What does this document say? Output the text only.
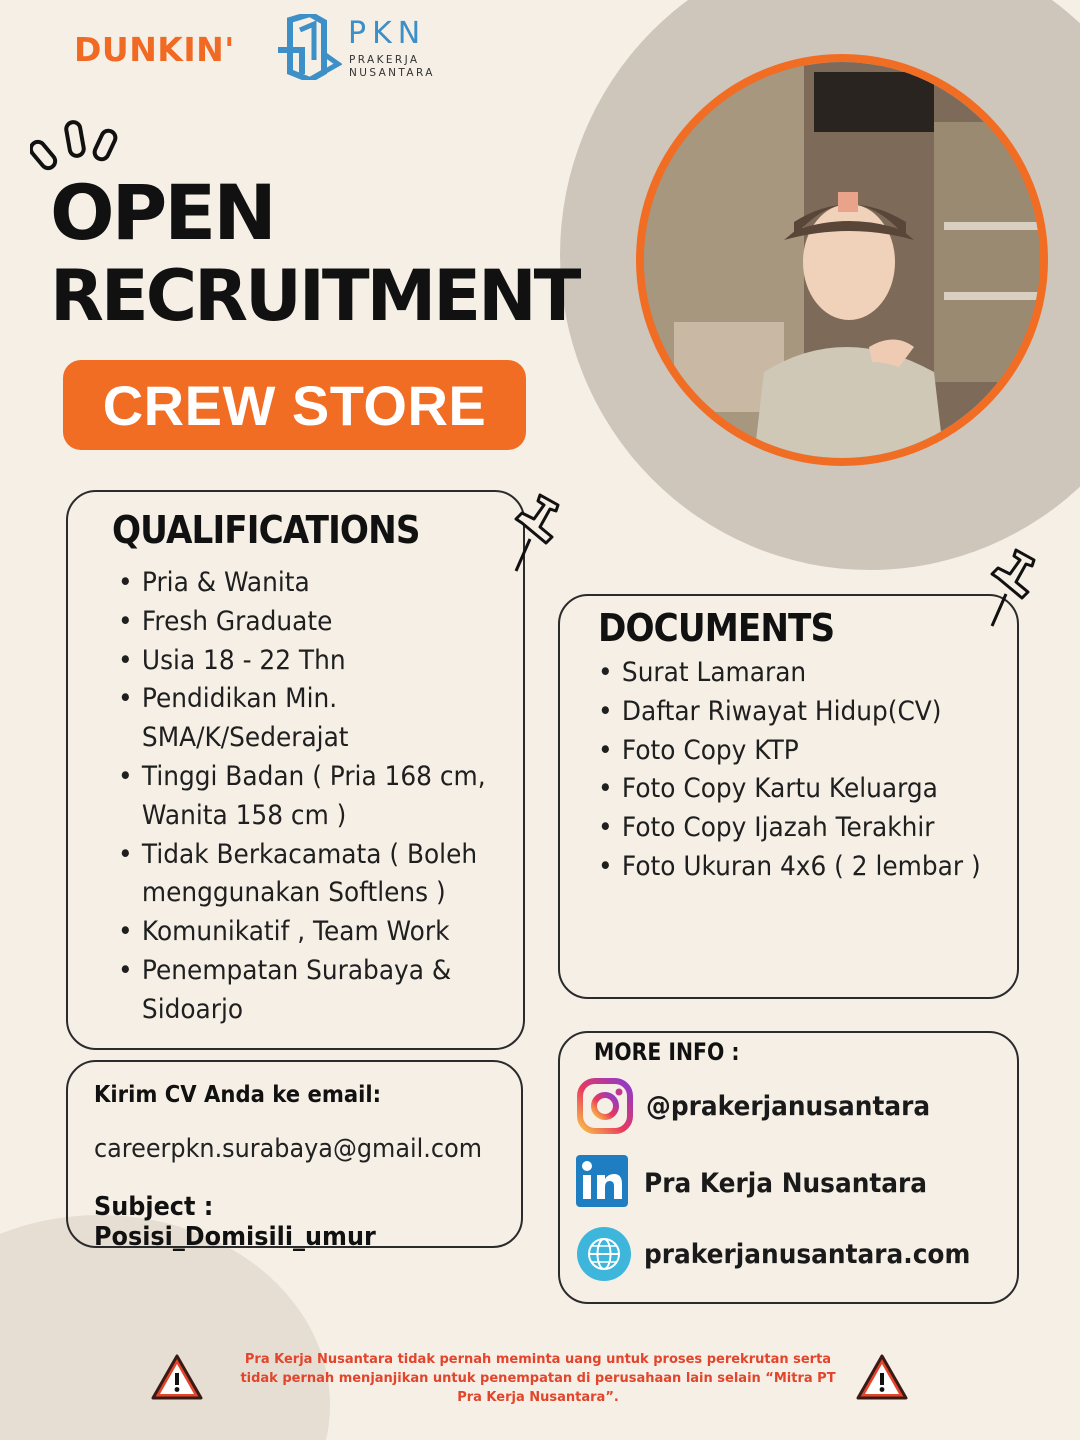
DUNKIN'	PKN
PRAKERJA NUSANTARA
OPEN
RECRUITMENT
CREW STORE
QUALIFICATIONS
• Pria & Wanita
• Fresh Graduate
• Usia 18 - 22 Thn
• Pendidikan Min. SMA/K/Sederajat
• Tinggi Badan ( Pria 168 cm, Wanita 158 cm )
• Tidak Berkacamata ( Boleh menggunakan Softlens )
• Komunikatif , Team Work
• Penempatan Surabaya & Sidoarjo
DOCUMENTS
• Surat Lamaran
• Daftar Riwayat Hidup(CV)
• Foto Copy KTP
• Foto Copy Kartu Keluarga
• Foto Copy Ijazah Terakhir
• Foto Ukuran 4x6 ( 2 lembar )
Kirim CV Anda ke email:
careerpkn.surabaya@gmail.com
Subject : Posisi_Domisili_umur
MORE INFO :
@prakerjanusantara
Pra Kerja Nusantara
prakerjanusantara.com
Pra Kerja Nusantara tidak pernah meminta uang untuk proses perekrutan serta tidak pernah menjanjikan untuk penempatan di perusahaan lain selain “Mitra PT Pra Kerja Nusantara”.
